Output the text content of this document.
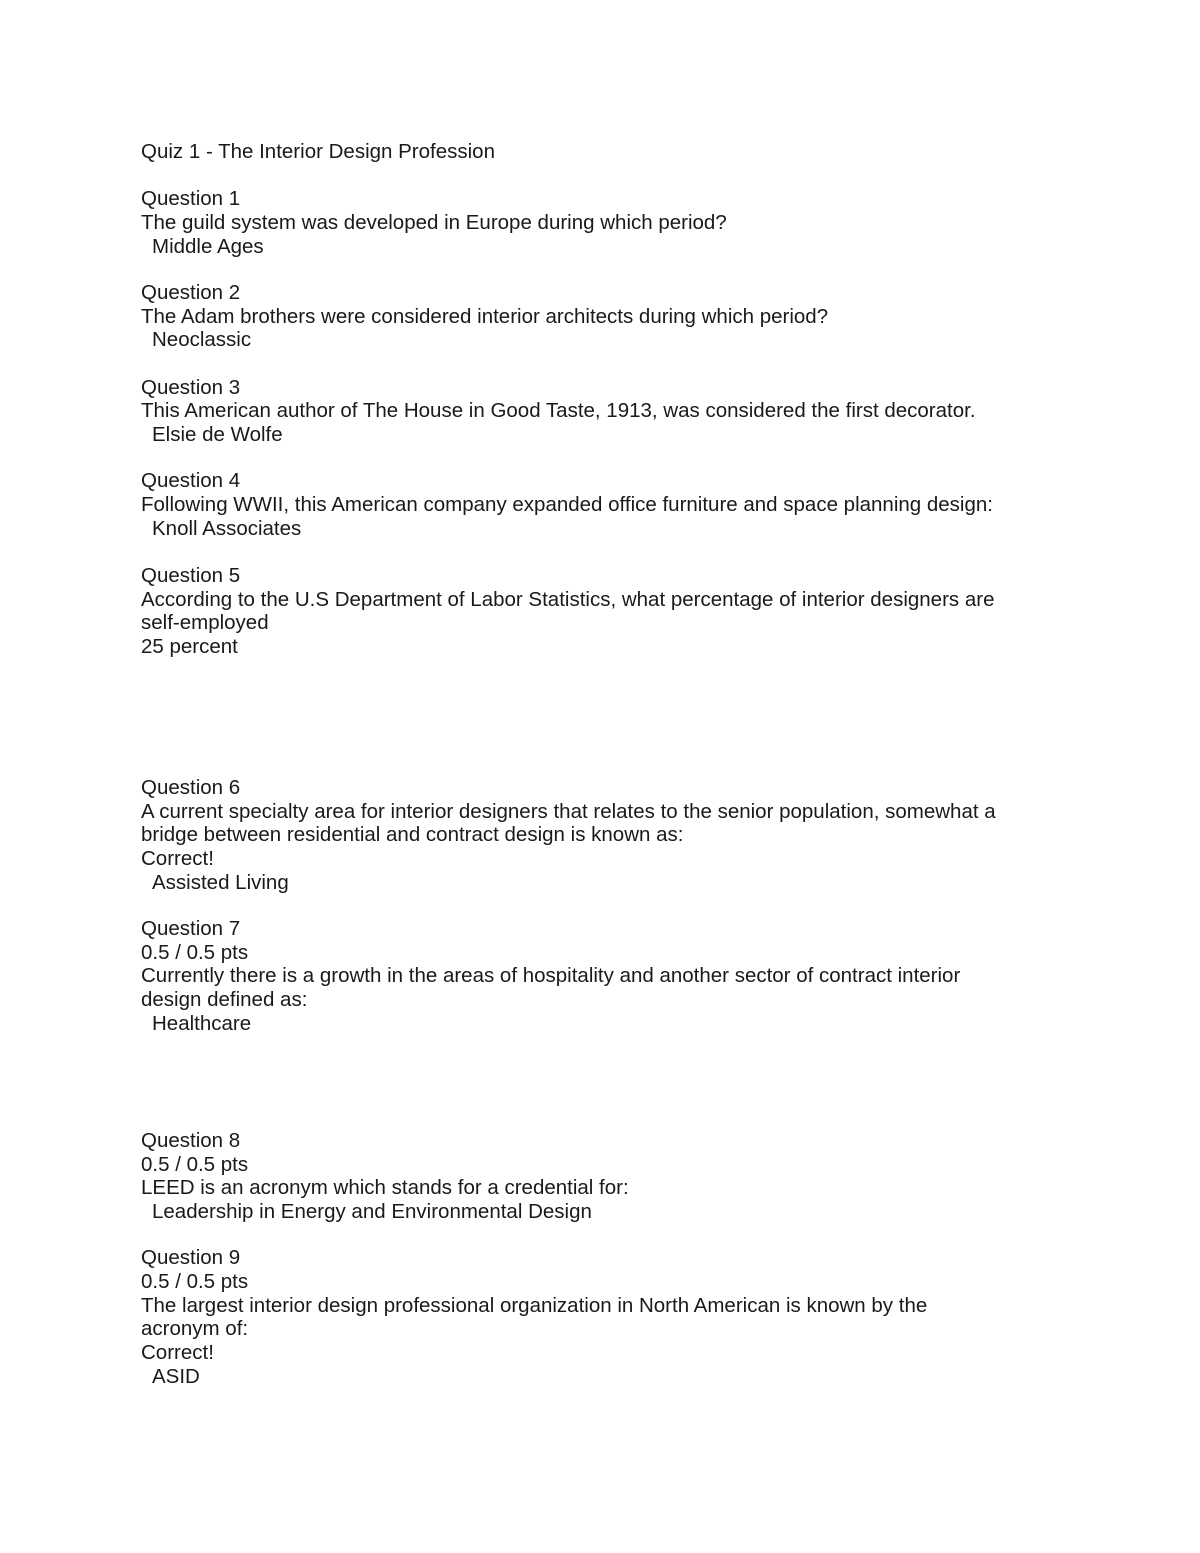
Quiz 1 - The Interior Design Profession
Question 1
The guild system was developed in Europe during which period?
Middle Ages
Question 2
The Adam brothers were considered interior architects during which period?
Neoclassic
Question 3
This American author of The House in Good Taste, 1913, was considered the first decorator.
Elsie de Wolfe
Question 4
Following WWII, this American company expanded office furniture and space planning design:
Knoll Associates
Question 5
According to the U.S Department of Labor Statistics, what percentage of interior designers are
self-employed
25 percent
Question 6
A current specialty area for interior designers that relates to the senior population, somewhat a
bridge between residential and contract design is known as:
Correct!
Assisted Living
Question 7
0.5 / 0.5 pts
Currently there is a growth in the areas of hospitality and another sector of contract interior
design defined as:
Healthcare
Question 8
0.5 / 0.5 pts
LEED is an acronym which stands for a credential for:
Leadership in Energy and Environmental Design
Question 9
0.5 / 0.5 pts
The largest interior design professional organization in North American is known by the
acronym of:
Correct!
ASID
